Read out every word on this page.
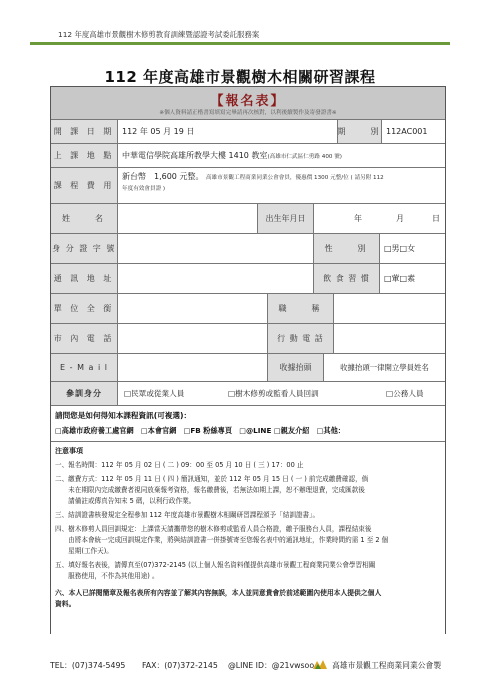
112 年度高雄市景觀樹木修剪教育訓練暨認證考試委託服務案
112 年度高雄市景觀樹木相關研習課程
【報名表】
※個人資料請正楷書寫填寫完畢請再次核對，以利後續製作及寄發證書※
開 課 日 期 112 年 05 月 19 日	期　　別 112AC001
上 課 地 點 中華電信學院高雄所教學大樓 1410 教室 (高雄市仁武區仁勇路 400 號)
課 程 費 用
新台幣　1,600 元整。 高雄市景觀工程商業同業公會會員，優惠價 1300 元整/位 ( 請另附 112
年度有效會員證 )
姓　　名	出生年月日	年	月	日
身 分 證 字 號	性　　別	□男□女
通 訊 地 址	飲 食 習 慣	□葷□素
單 位 全 銜	職　　稱
市 內 電 話	行 動 電 話
E - M a i l	收據抬頭	收據抬頭一律開立學員姓名
參訓身分	□民眾或從業人員	□樹木修剪或監看人員回訓	□公務人員
請問您是如何得知本課程資訊(可複選)：
□高雄市政府養工處官網　□本會官網　□FB 粉絲專頁　□@LINE □親友介紹　□其他：
注意事項
一、報名時間：112 年 05 月 02 日 ( 二 ) 09：00 至 05 月 10 日 ( 三 ) 17：00 止
二、繳費方式：112 年 05 月 11 日 ( 四 ) 簡訊通知，並於 112 年 05 月 15 日 ( 一 ) 前完成繳費確認，倘
　　未在期限內完成繳費者視同放棄報考資格，報名繳費後，若無法如期上課，恕不辦理退費，完成匯款後
　　請備註或傳真告知末 5 碼，以利行政作業。
三、結訓證書核發規定全程參加 112 年度高雄市景觀樹木相關研習課程頒予「結訓證書」。
四、樹木修剪人員回訓規定：上課當天請攜帶您的樹木修剪或監看人員合格證，繳予服務台人員，課程結束後
　　由將本會統一完成回訓規定作業，將與結訓證書一併掛號寄至您報名表中的通訊地址，作業時間約需 1 至 2 個
　　星期(工作天)。
五、填好報名表後，請傳真至(07)372-2145 (以上個人報名資料僅提供高雄市景觀工程商業同業公會學習相關
　　服務使用，不作為其他用途) 。
六、本人已詳閱簡章及報名表所有內容並了解其內容無誤，本人並同意貴會於前述範圍內使用本人提供之個人
資料。
TEL：(07)374-5495 FAX：(07)372-2145 @LINE ID：@21vwsoo 高雄市景觀工程商業同業公會製
